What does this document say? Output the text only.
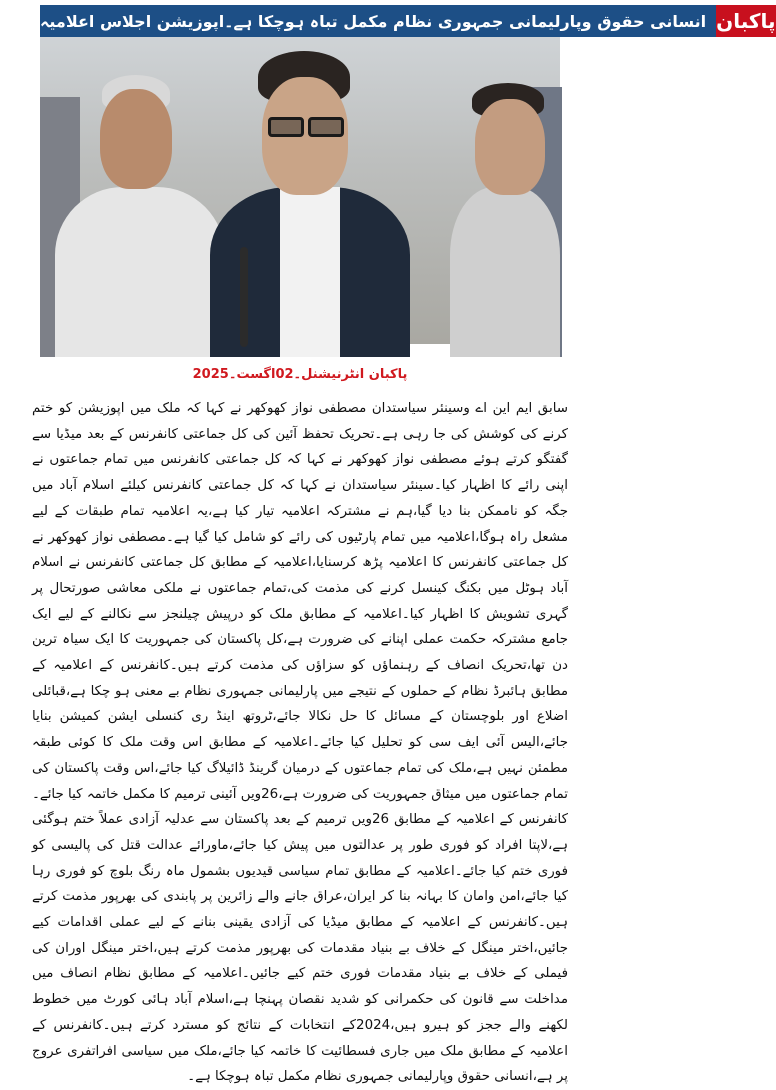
انسانی حقوق وپارلیمانی جمہوری نظام مکمل تباہ ہوچکا ہے۔اپوزیشن اجلاس اعلامیہ پاکبان
پاکبان انٹرنیشنل۔02اگست۔2025
سابق ایم این اے وسینئر سیاستدان مصطفی نواز کھوکھر نے کہا کہ ملک میں اپوزیشن کو ختم کرنے کی کوشش کی جا رہی ہے۔تحریک تحفظ آئین کی کل جماعتی کانفرنس کے بعد میڈیا سے گفتگو کرتے ہوئے مصطفی نواز کھوکھر نے کہا کہ کل جماعتی کانفرنس میں تمام جماعتوں نے اپنی رائے کا اظہار کیا۔سینئر سیاستدان نے کہا کہ کل جماعتی کانفرنس کیلئے اسلام آباد میں جگہ کو ناممکن بنا دیا گیا،ہم نے مشترکہ اعلامیہ تیار کیا ہے،یہ اعلامیہ تمام طبقات کے لیے مشعل راہ ہوگا،اعلامیہ میں تمام پارٹیوں کی رائے کو شامل کیا گیا ہے۔مصطفی نواز کھوکھر نے کل جماعتی کانفرنس کا اعلامیہ پڑھ کرسنایا،اعلامیہ کے مطابق کل جماعتی کانفرنس نے اسلام آباد ہوٹل میں بکنگ کینسل کرنے کی مذمت کی،تمام جماعتوں نے ملکی معاشی صورتحال پر گہری تشویش کا اظہار کیا۔اعلامیہ کے مطابق ملک کو درپیش چیلنجز سے نکالنے کے لیے ایک جامع مشترکہ حکمت عملی اپنانے کی ضرورت ہے،کل پاکستان کی جمہوریت کا ایک سیاہ ترین دن تھا،تحریک انصاف کے رہنماؤں کو سزاؤں کی مذمت کرتے ہیں۔کانفرنس کے اعلامیہ کے مطابق ہائبرڈ نظام کے حملوں کے نتیجے میں پارلیمانی جمہوری نظام بے معنی ہو چکا ہے،قبائلی اضلاع اور بلوچستان کے مسائل کا حل نکالا جائے،ٹروتھ اینڈ ری کنسلی ایشن کمیشن بنایا جائے،الیس آئی ایف سی کو تحلیل کیا جائے۔اعلامیہ کے مطابق اس وقت ملک کا کوئی طبقہ مطمئن نہیں ہے،ملک کی تمام جماعتوں کے درمیان گرینڈ ڈائیلاگ کیا جائے،اس وقت پاکستان کی تمام جماعتوں میں میثاق جمہوریت کی ضرورت ہے،26ویں آئینی ترمیم کا مکمل خاتمہ کیا جائے۔کانفرنس کے اعلامیہ کے مطابق 26ویں ترمیم کے بعد پاکستان سے عدلیہ آزادی عملاً ختم ہوگئی ہے،لاپتا افراد کو فوری طور پر عدالتوں میں پیش کیا جائے،ماورائے عدالت قتل کی پالیسی کو فوری ختم کیا جائے۔اعلامیہ کے مطابق تمام سیاسی قیدیوں بشمول ماہ رنگ بلوچ کو فوری رہا کیا جائے،امن وامان کا بہانہ بنا کر ایران،عراق جانے والے زائرین پر پابندی کی بھرپور مذمت کرتے ہیں۔کانفرنس کے اعلامیہ کے مطابق میڈیا کی آزادی یقینی بنانے کے لیے عملی اقدامات کیے جائیں،اختر مینگل کے خلاف بے بنیاد مقدمات کی بھرپور مذمت کرتے ہیں،اختر مینگل اوران کی فیملی کے خلاف بے بنیاد مقدمات فوری ختم کیے جائیں۔اعلامیہ کے مطابق نظام انصاف میں مداخلت سے قانون کی حکمرانی کو شدید نقصان پہنچا ہے،اسلام آباد ہائی کورٹ میں خطوط لکھنے والے ججز کو ہیرو ہیں،2024کے انتخابات کے نتائج کو مسترد کرتے ہیں۔کانفرنس کے اعلامیہ کے مطابق ملک میں جاری فسطائیت کا خاتمہ کیا جائے،ملک میں سیاسی افراتفری عروج پر ہے،انسانی حقوق وپارلیمانی جمہوری نظام مکمل تباہ ہوچکا ہے۔
